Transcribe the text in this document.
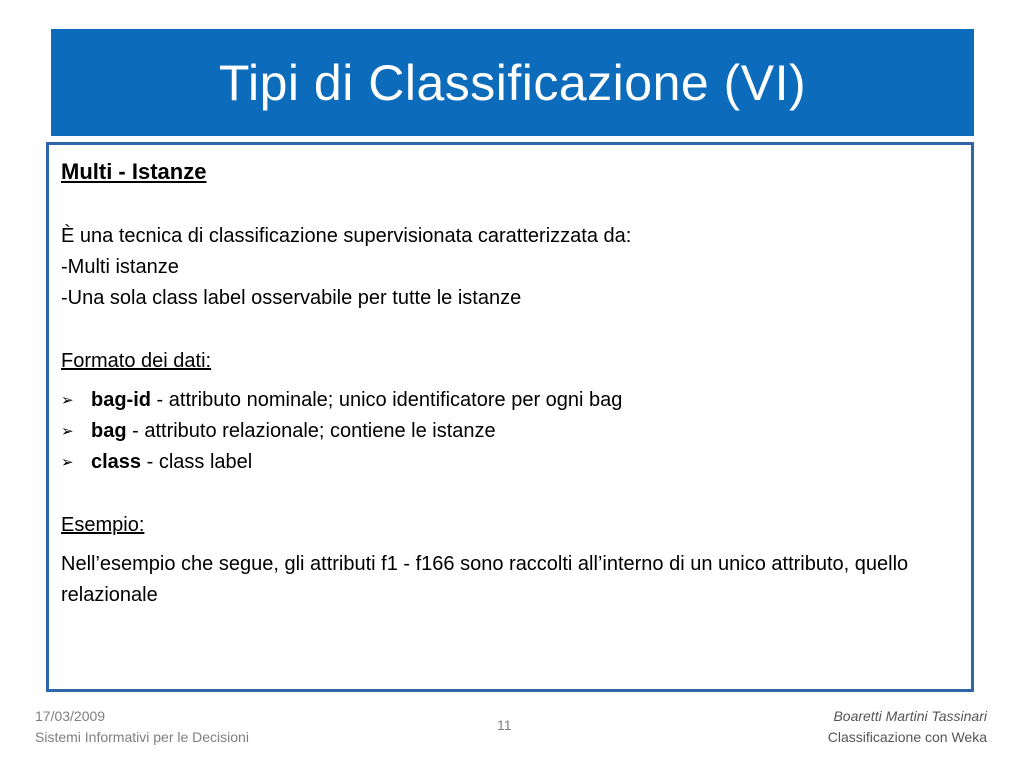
Tipi di Classificazione (VI)

Multi - Istanze

È una tecnica di classificazione supervisionata caratterizzata da:

-Multi istanze

-Una sola class label osservabile per tutte le istanze

Formato dei dati:

➢ bag-id - attributo nominale; unico identificatore per ogni bag
➢ bag - attributo relazionale; contiene le istanze
➢ class - class label

Esempio:

Nell’esempio che segue, gli attributi f1 - f166 sono raccolti all’interno di un unico attributo, quello relazionale

17/03/2009
Sistemi Informativi per le Decisioni
11
Boaretti Martini Tassinari
Classificazione con Weka
